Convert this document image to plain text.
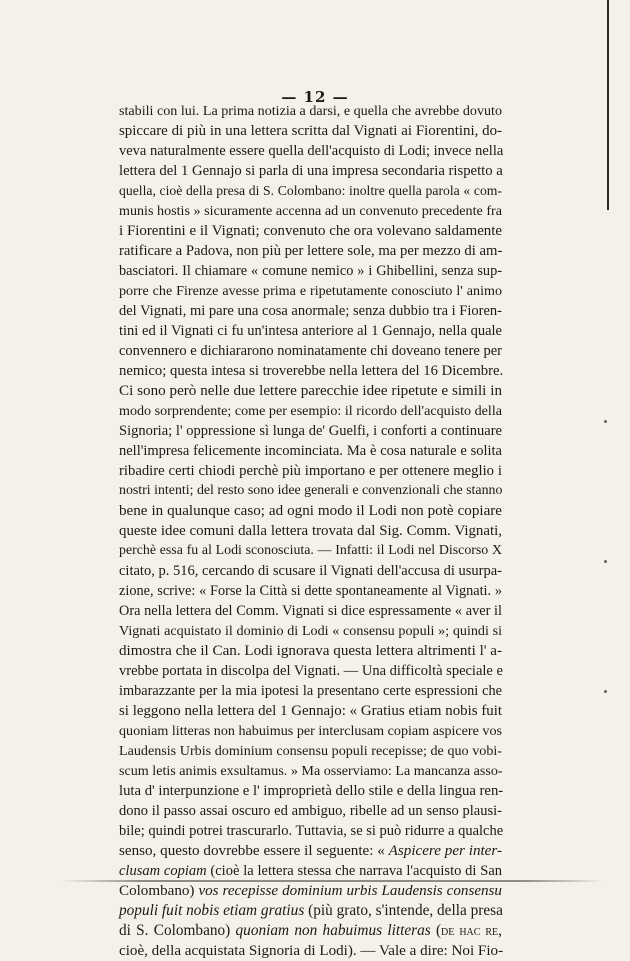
— 12 —
stabili con lui. La prima notizia a darsi, e quella che avrebbe dovuto
spiccare di più in una lettera scritta dal Vignati ai Fiorentini, do-
veva naturalmente essere quella dell'acquisto di Lodi; invece nella
lettera del 1 Gennajo si parla di una impresa secondaria rispetto a
quella, cioè della presa di S. Colombano: inoltre quella parola « com-
munis hostis » sicuramente accenna ad un convenuto precedente fra
i Fiorentini e il Vignati; convenuto che ora volevano saldamente
ratificare a Padova, non più per lettere sole, ma per mezzo di am-
basciatori. Il chiamare « comune nemico » i Ghibellini, senza sup-
porre che Firenze avesse prima e ripetutamente conosciuto l' animo
del Vignati, mi pare una cosa anormale; senza dubbio tra i Fioren-
tini ed il Vignati ci fu un'intesa anteriore al 1 Gennajo, nella quale
convennero e dichiararono nominatamente chi doveano tenere per
nemico; questa intesa si troverebbe nella lettera del 16 Dicembre.
Ci sono però nelle due lettere parecchie idee ripetute e simili in
modo sorprendente; come per esempio: il ricordo dell'acquisto della
Signoria; l' oppressione sì lunga de' Guelfi, i conforti a continuare
nell'impresa felicemente incominciata. Ma è cosa naturale e solita
ribadire certi chiodi perchè più importano e per ottenere meglio i
nostri intenti; del resto sono idee generali e convenzionali che stanno
bene in qualunque caso; ad ogni modo il Lodi non potè copiare
queste idee comuni dalla lettera trovata dal Sig. Comm. Vignati,
perchè essa fu al Lodi sconosciuta. — Infatti: il Lodi nel Discorso X
citato, p. 516, cercando di scusare il Vignati dell'accusa di usurpa-
zione, scrive: « Forse la Città si dette spontaneamente al Vignati. »
Ora nella lettera del Comm. Vignati si dice espressamente « aver il
Vignati acquistato il dominio di Lodi « consensu populi »; quindi si
dimostra che il Can. Lodi ignorava questa lettera altrimenti l' a-
vrebbe portata in discolpa del Vignati. — Una difficoltà speciale e
imbarazzante per la mia ipotesi la presentano certe espressioni che
si leggono nella lettera del 1 Gennajo: « Gratius etiam nobis fuit
quoniam litteras non habuimus per interclusam copiam aspicere vos
Laudensis Urbis dominium consensu populi recepisse; de quo vobi-
scum letis animis exsultamus. » Ma osserviamo: La mancanza asso-
luta d' interpunzione e l' improprietà dello stile e della lingua ren-
dono il passo assai oscuro ed ambiguo, ribelle ad un senso plausi-
bile; quindi potrei trascurarlo. Tuttavia, se si può ridurre a qualche
senso, questo dovrebbe essere il seguente: « Aspicere per inter-
clusam copiam (cioè la lettera stessa che narrava l'acquisto di San
Colombano) vos recepisse dominium urbis Laudensis consensu
populi fuit nobis etiam gratius (più grato, s'intende, della presa
di S. Colombano) quoniam non habuimus litteras (de hac re,
cioè, della acquistata Signoria di Lodi). — Vale a dire: Noi Fio-
